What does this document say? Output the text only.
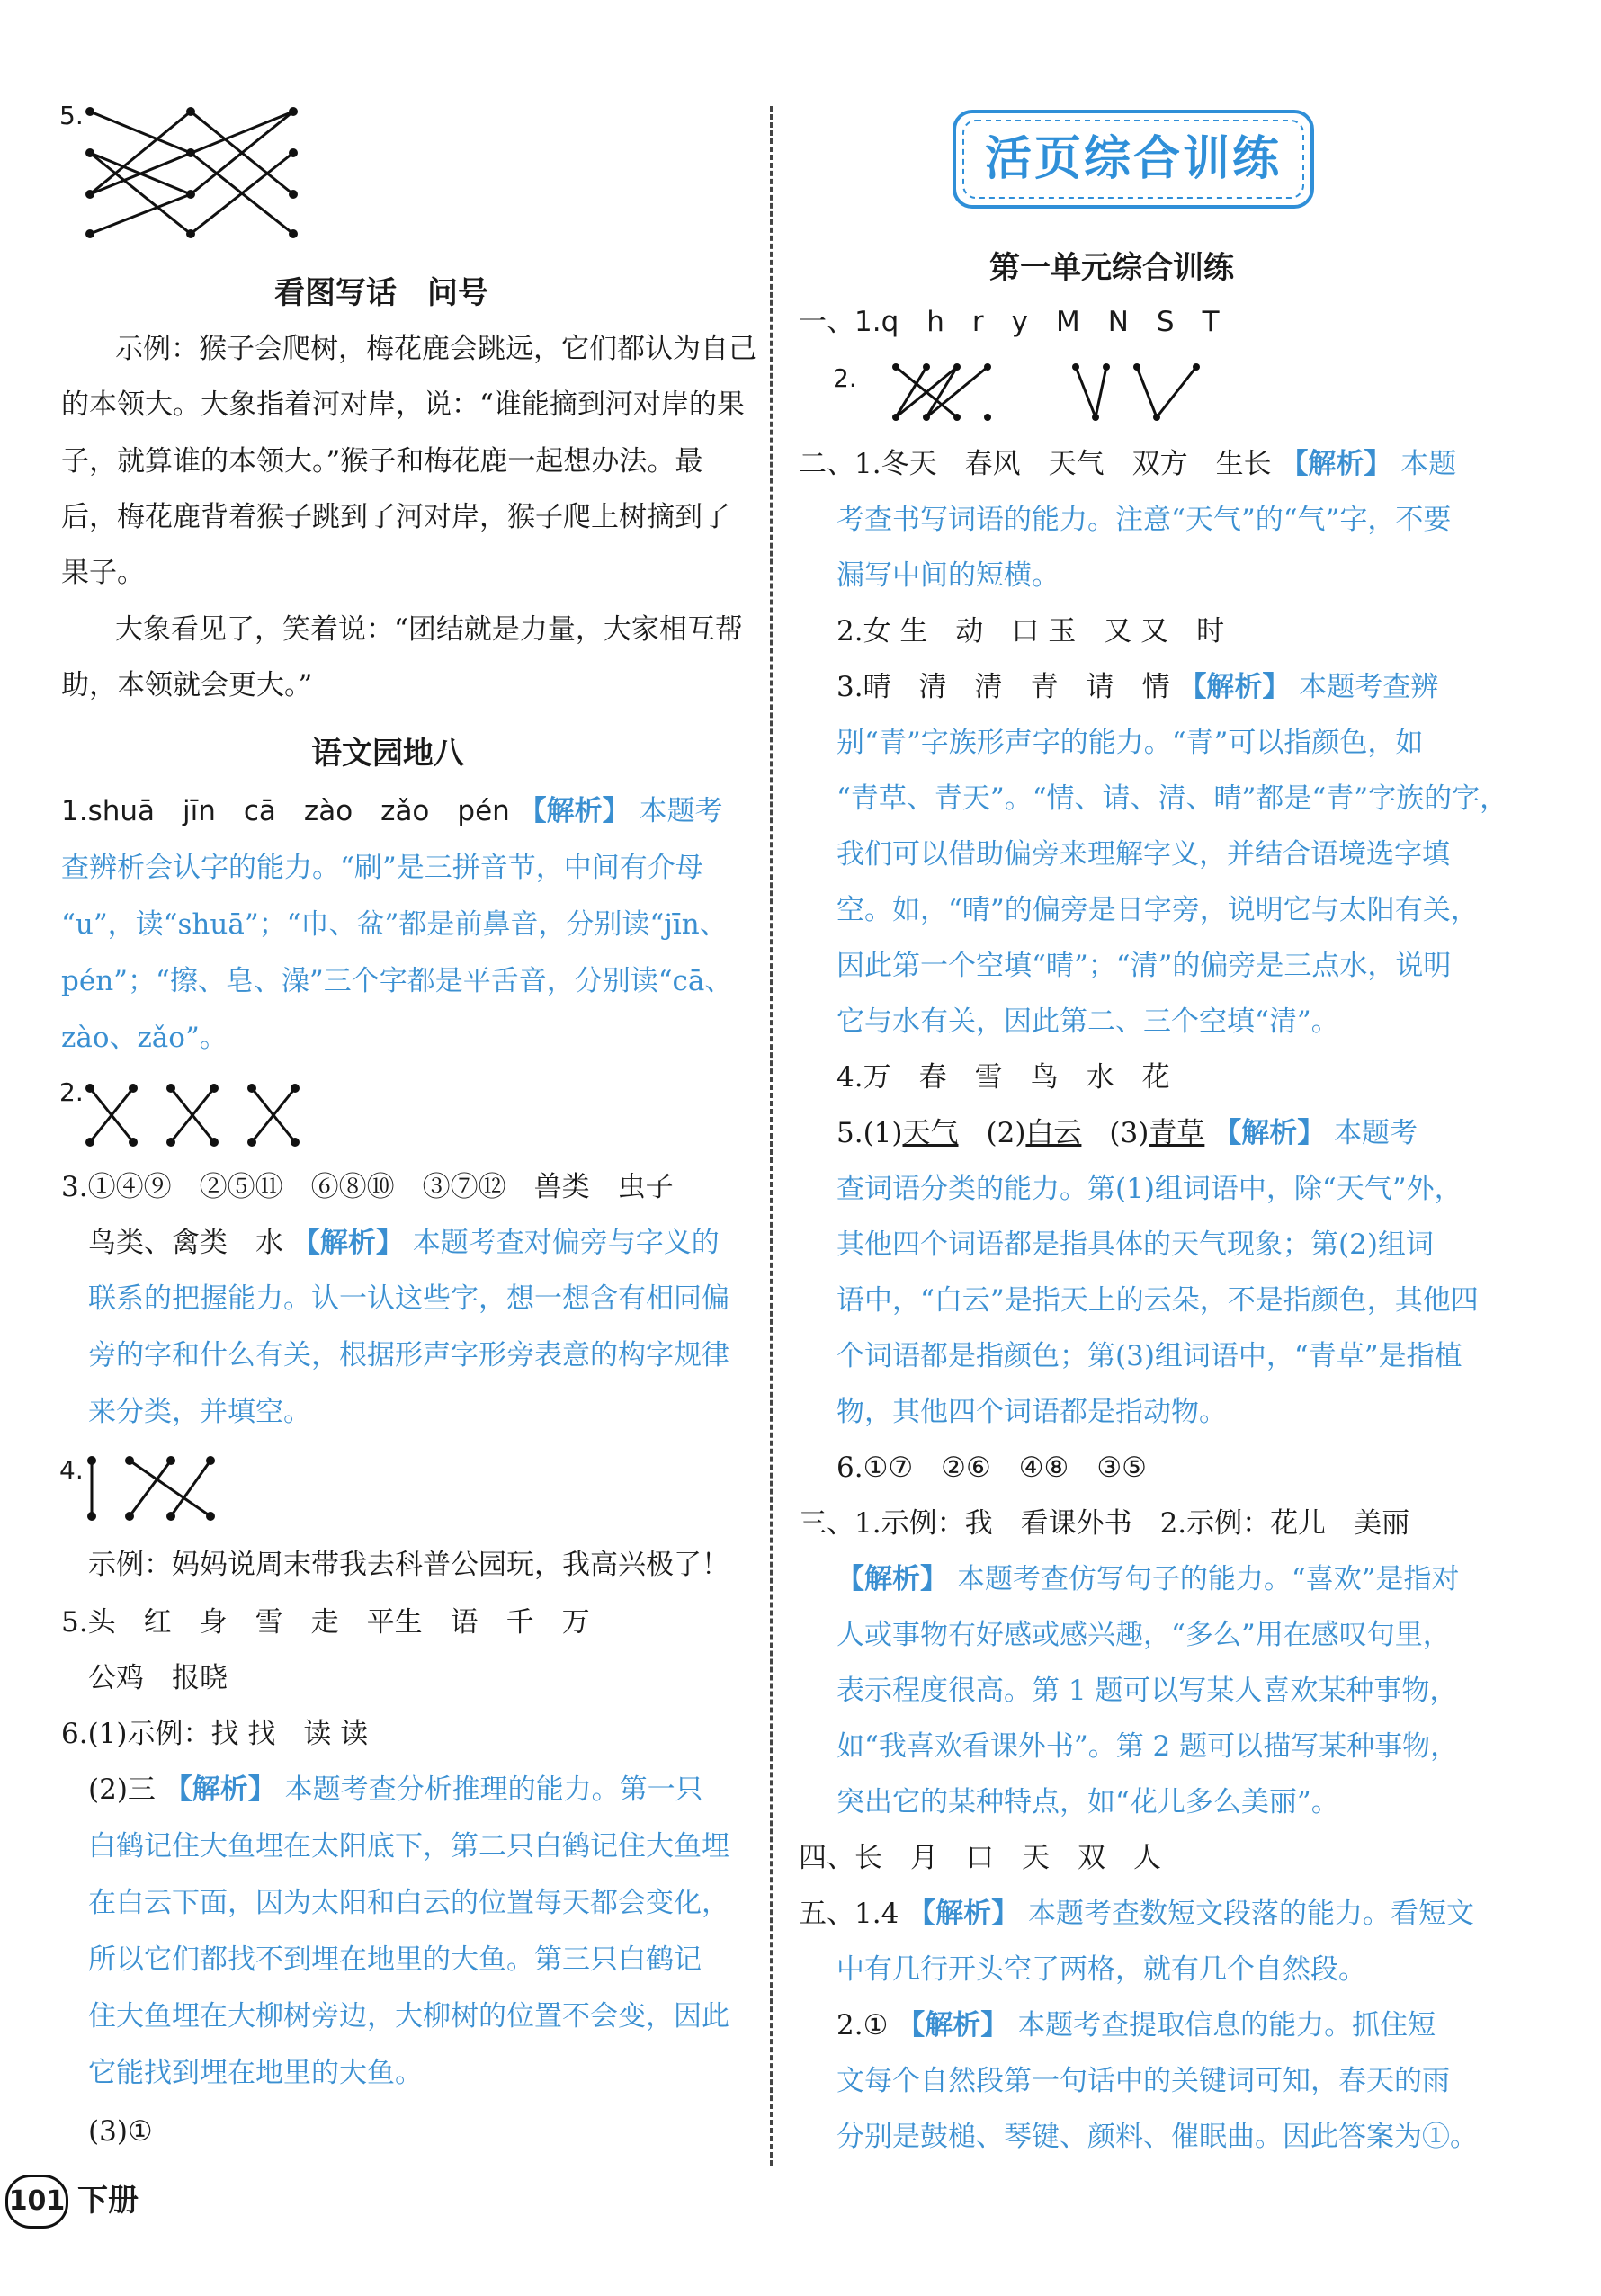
5.
看图写话　问号
示例：猴子会爬树，梅花鹿会跳远，它们都认为自己
的本领大。大象指着河对岸，说：“谁能摘到河对岸的果
子，就算谁的本领大。”猴子和梅花鹿一起想办法。最
后，梅花鹿背着猴子跳到了河对岸，猴子爬上树摘到了
果子。
大象看见了，笑着说：“团结就是力量，大家相互帮
助，本领就会更大。”
语文园地八
1.shuā　jīn　cā　zào　zǎo　pén 【解析】 本题考
查辨析会认字的能力。“刷”是三拼音节，中间有介母
“u”，读“shuā”；“巾、盆”都是前鼻音，分别读“jīn、
pén”；“擦、皂、澡”三个字都是平舌音，分别读“cā、
zào、zǎo”。
2.
3.①④⑨　②⑤⑪　⑥⑧⑩　③⑦⑫　兽类　虫子
鸟类、禽类　水 【解析】 本题考查对偏旁与字义的
联系的把握能力。认一认这些字，想一想含有相同偏
旁的字和什么有关，根据形声字形旁表意的构字规律
来分类，并填空。
4.
示例：妈妈说周末带我去科普公园玩，我高兴极了！
5.头　红　身　雪　走　平生　语　千　万
公鸡　报晓
6.(1)示例：找 找　读 读
(2)三 【解析】 本题考查分析推理的能力。第一只
白鹤记住大鱼埋在太阳底下，第二只白鹤记住大鱼埋
在白云下面，因为太阳和白云的位置每天都会变化，
所以它们都找不到埋在地里的大鱼。第三只白鹤记
住大鱼埋在大柳树旁边，大柳树的位置不会变，因此
它能找到埋在地里的大鱼。
(3)①
活页综合训练
第一单元综合训练
一、1.q　h　r　y　M　N　S　T
2.
二、1.冬天　春风　天气　双方　生长 【解析】 本题
考查书写词语的能力。注意“天气”的“气”字，不要
漏写中间的短横。
2.女 生　动　口 玉　又 又　时
3.晴　清　清　青　请　情 【解析】 本题考查辨
别“青”字族形声字的能力。“青”可以指颜色，如
“青草、青天”。“情、请、清、晴”都是“青”字族的字，
我们可以借助偏旁来理解字义，并结合语境选字填
空。如，“晴”的偏旁是日字旁，说明它与太阳有关，
因此第一个空填“晴”；“清”的偏旁是三点水，说明
它与水有关，因此第二、三个空填“清”。
4.万　春　雪　鸟　水　花
5.(1)天气　(2)白云　(3)青草 【解析】 本题考
查词语分类的能力。第(1)组词语中，除“天气”外，
其他四个词语都是指具体的天气现象；第(2)组词
语中，“白云”是指天上的云朵，不是指颜色，其他四
个词语都是指颜色；第(3)组词语中，“青草”是指植
物，其他四个词语都是指动物。
6.①⑦　②⑥　④⑧　③⑤
三、1.示例：我　看课外书　2.示例：花儿　美丽
【解析】 本题考查仿写句子的能力。“喜欢”是指对
人或事物有好感或感兴趣，“多么”用在感叹句里，
表示程度很高。第 1 题可以写某人喜欢某种事物，
如“我喜欢看课外书”。第 2 题可以描写某种事物，
突出它的某种特点，如“花儿多么美丽”。
四、长　月　口　天　双　人
五、1.4 【解析】 本题考查数短文段落的能力。看短文
中有几行开头空了两格，就有几个自然段。
2.① 【解析】 本题考查提取信息的能力。抓住短
文每个自然段第一句话中的关键词可知，春天的雨
分别是鼓槌、琴键、颜料、催眠曲。因此答案为①。
101 下册
